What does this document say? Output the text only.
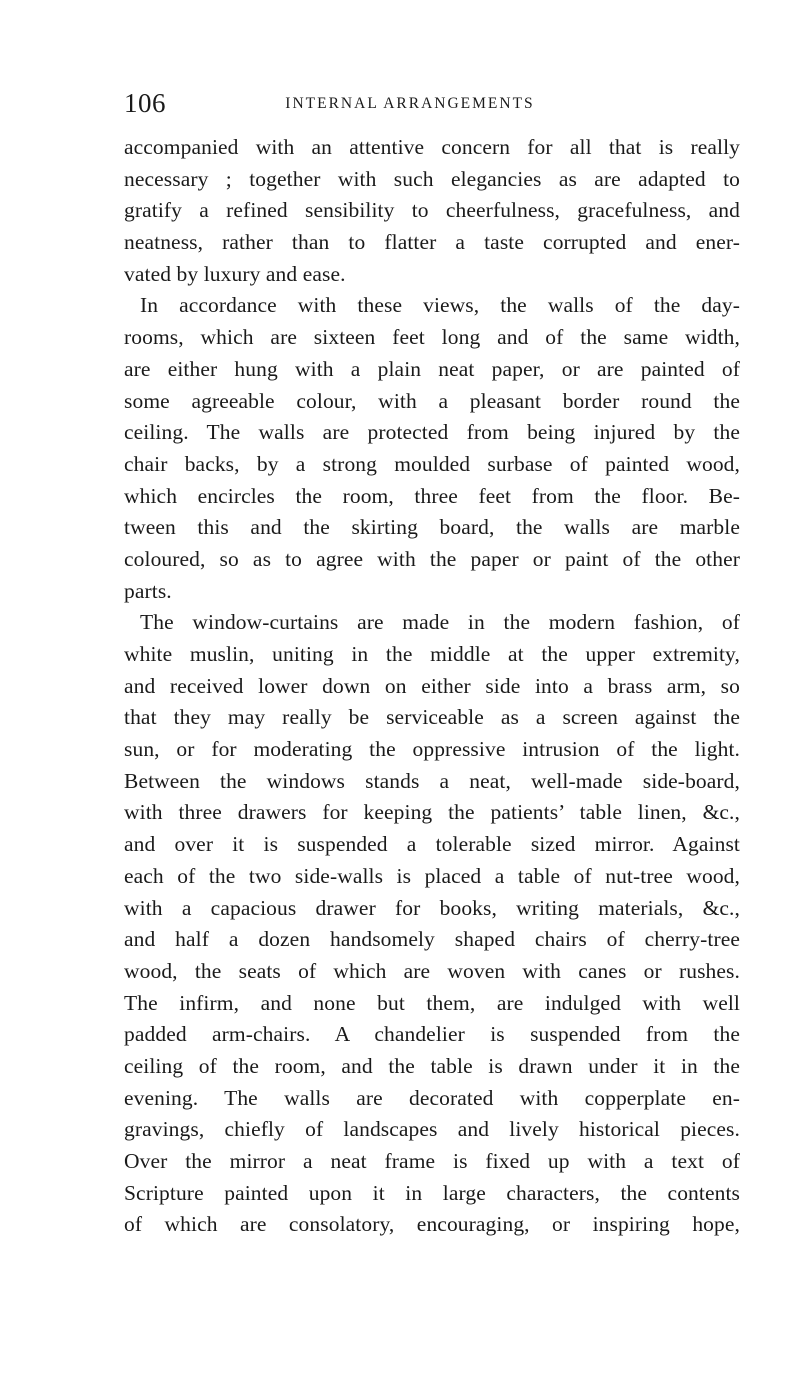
106	INTERNAL ARRANGEMENTS
accompanied with an attentive concern for all that is really
necessary ; together with such elegancies as are adapted to
gratify a refined sensibility to cheerfulness, gracefulness, and
neatness, rather than to flatter a taste corrupted and ener-
vated by luxury and ease.
In accordance with these views, the walls of the day-
rooms, which are sixteen feet long and of the same width,
are either hung with a plain neat paper, or are painted of
some agreeable colour, with a pleasant border round the
ceiling. The walls are protected from being injured by the
chair backs, by a strong moulded surbase of painted wood,
which encircles the room, three feet from the floor. Be-
tween this and the skirting board, the walls are marble
coloured, so as to agree with the paper or paint of the other
parts.
The window-curtains are made in the modern fashion, of
white muslin, uniting in the middle at the upper extremity,
and received lower down on either side into a brass arm, so
that they may really be serviceable as a screen against the
sun, or for moderating the oppressive intrusion of the light.
Between the windows stands a neat, well-made side-board,
with three drawers for keeping the patients’ table linen, &c.,
and over it is suspended a tolerable sized mirror. Against
each of the two side-walls is placed a table of nut-tree wood,
with a capacious drawer for books, writing materials, &c.,
and half a dozen handsomely shaped chairs of cherry-tree
wood, the seats of which are woven with canes or rushes.
The infirm, and none but them, are indulged with well
padded arm-chairs. A chandelier is suspended from the
ceiling of the room, and the table is drawn under it in the
evening. The walls are decorated with copperplate en-
gravings, chiefly of landscapes and lively historical pieces.
Over the mirror a neat frame is fixed up with a text of
Scripture painted upon it in large characters, the contents
of which are consolatory, encouraging, or inspiring hope,
